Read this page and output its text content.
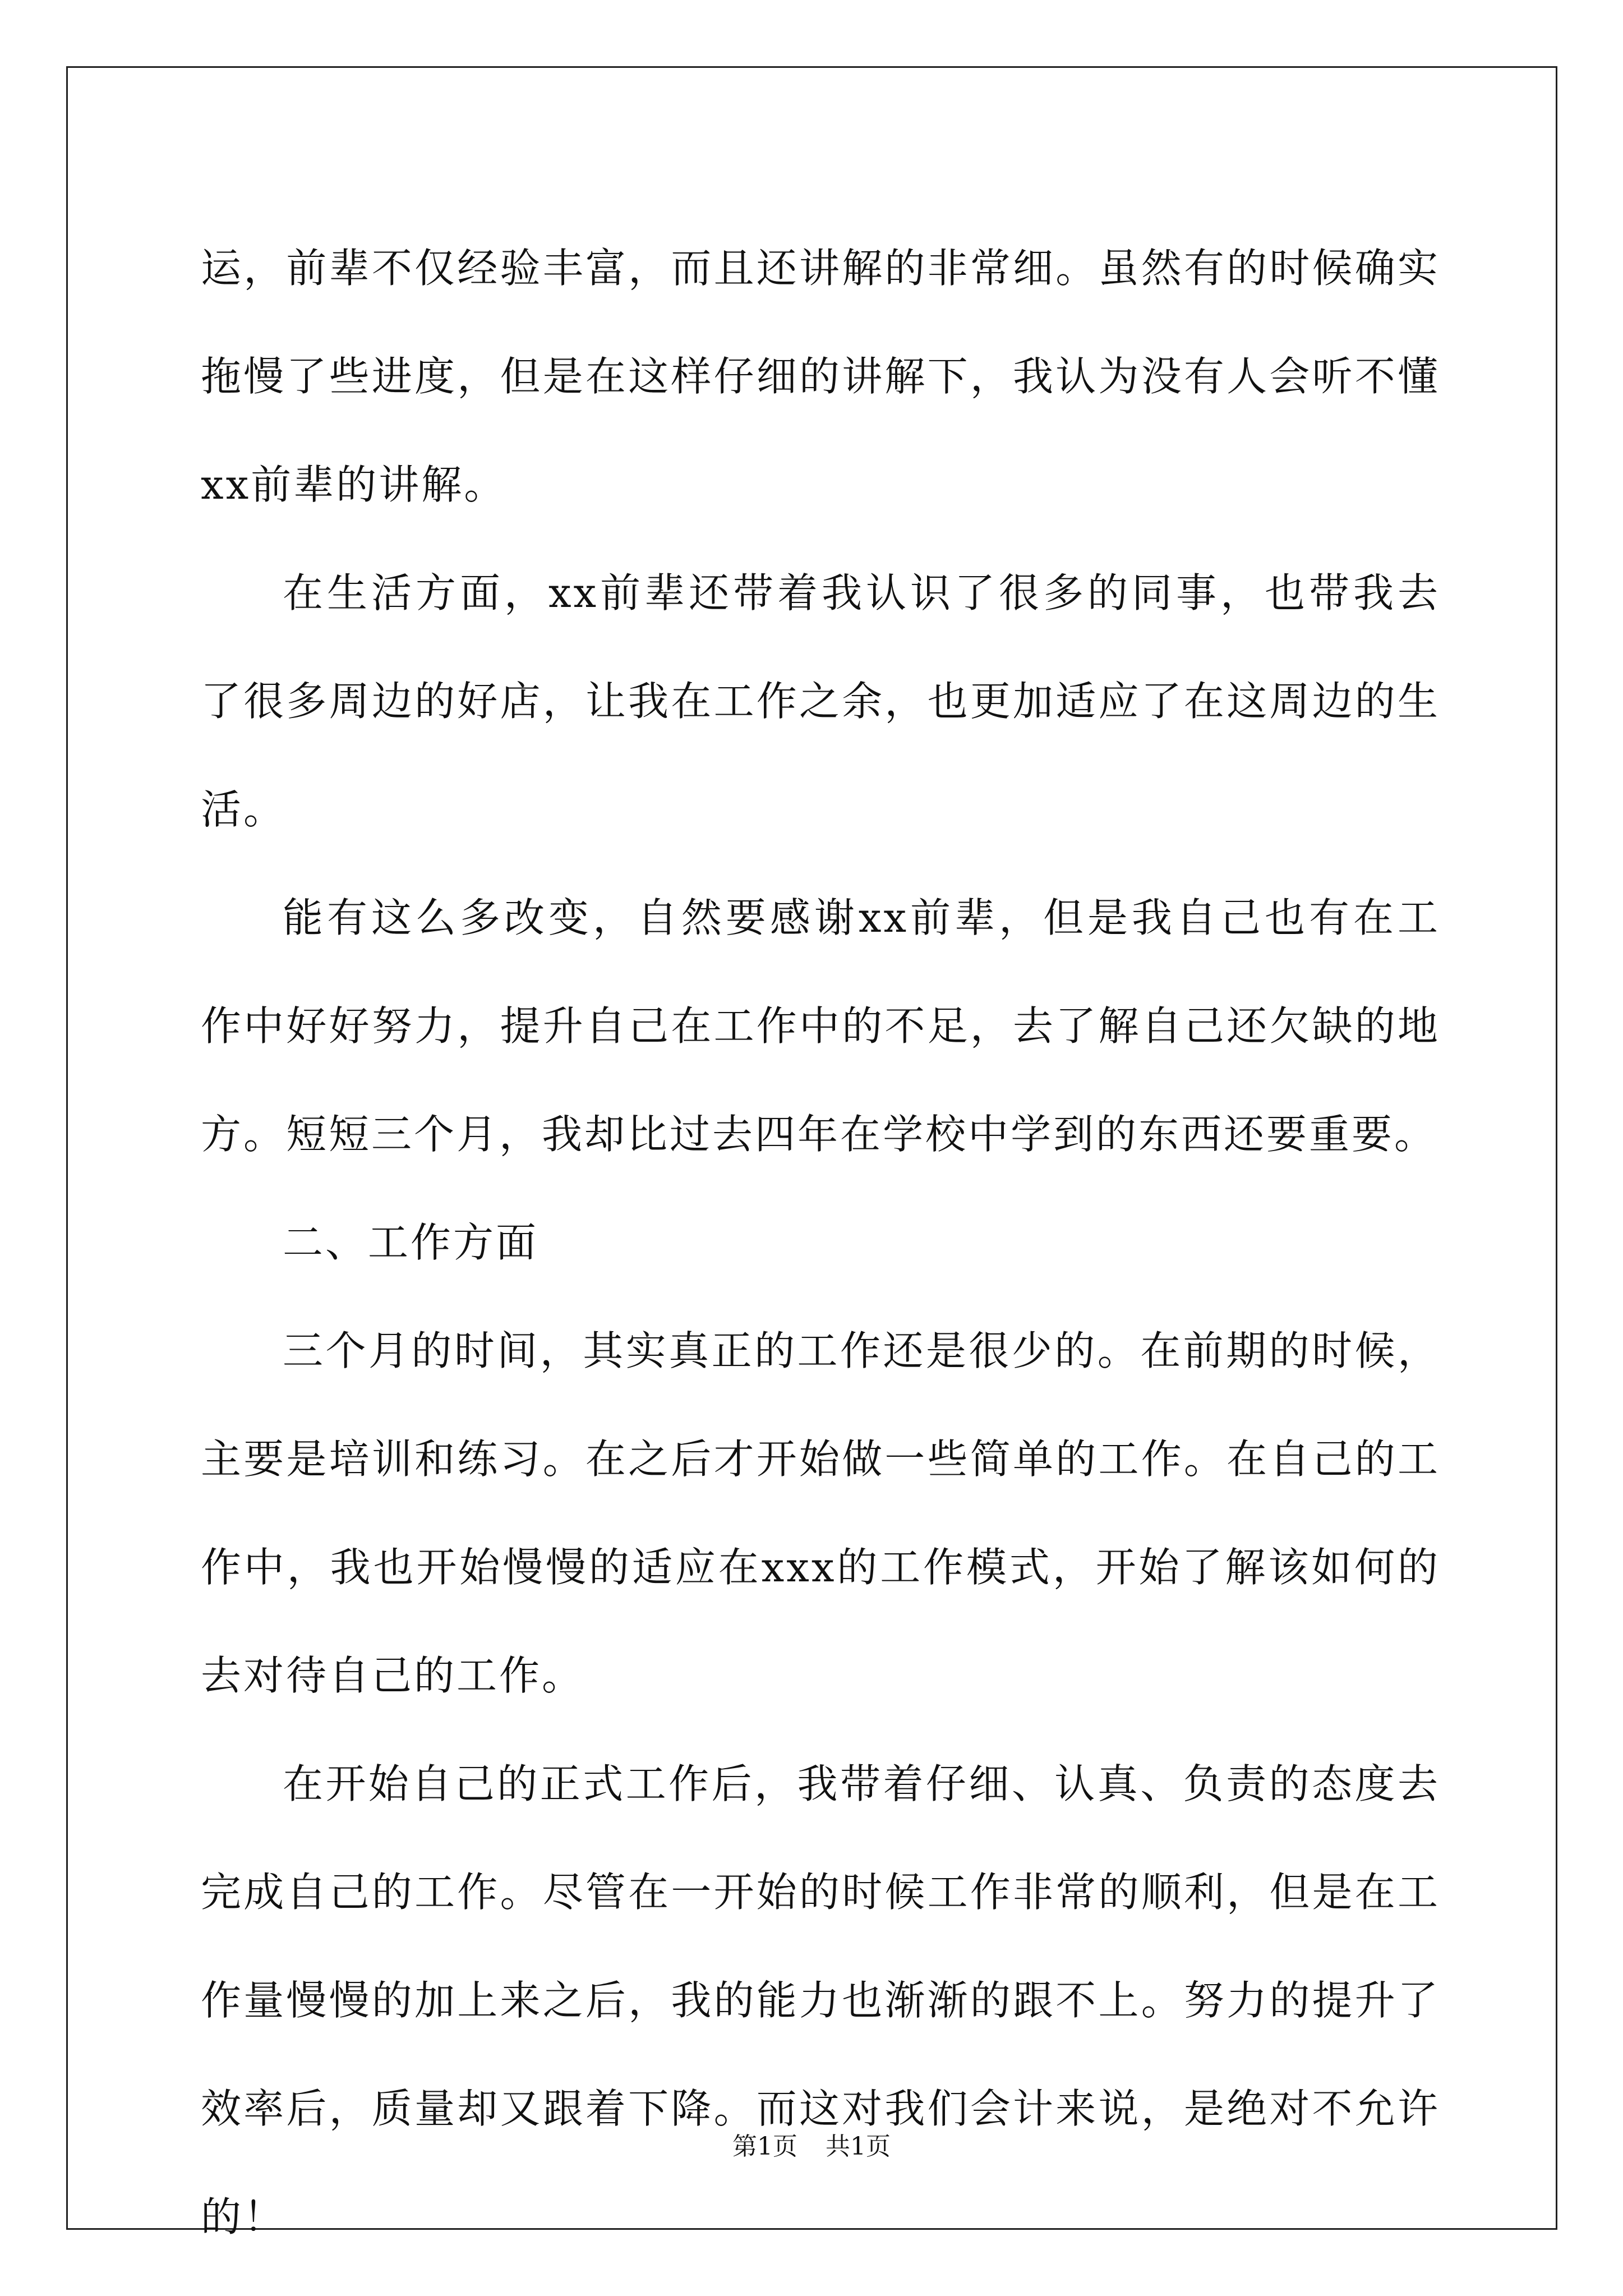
运，前辈不仅经验丰富，而且还讲解的非常细。虽然有的时候确实拖慢了些进度，但是在这样仔细的讲解下，我认为没有人会听不懂xx前辈的讲解。

在生活方面，xx前辈还带着我认识了很多的同事，也带我去了很多周边的好店，让我在工作之余，也更加适应了在这周边的生活。

能有这么多改变，自然要感谢xx前辈，但是我自己也有在工作中好好努力，提升自己在工作中的不足，去了解自己还欠缺的地方。短短三个月，我却比过去四年在学校中学到的东西还要重要。

二、工作方面

三个月的时间，其实真正的工作还是很少的。在前期的时候，主要是培训和练习。在之后才开始做一些简单的工作。在自己的工作中，我也开始慢慢的适应在xxx的工作模式，开始了解该如何的去对待自己的工作。

在开始自己的正式工作后，我带着仔细、认真、负责的态度去完成自己的工作。尽管在一开始的时候工作非常的顺利，但是在工作量慢慢的加上来之后，我的能力也渐渐的跟不上。努力的提升了效率后，质量却又跟着下降。而这对我们会计来说，是绝对不允许的！

第1页 共1页
